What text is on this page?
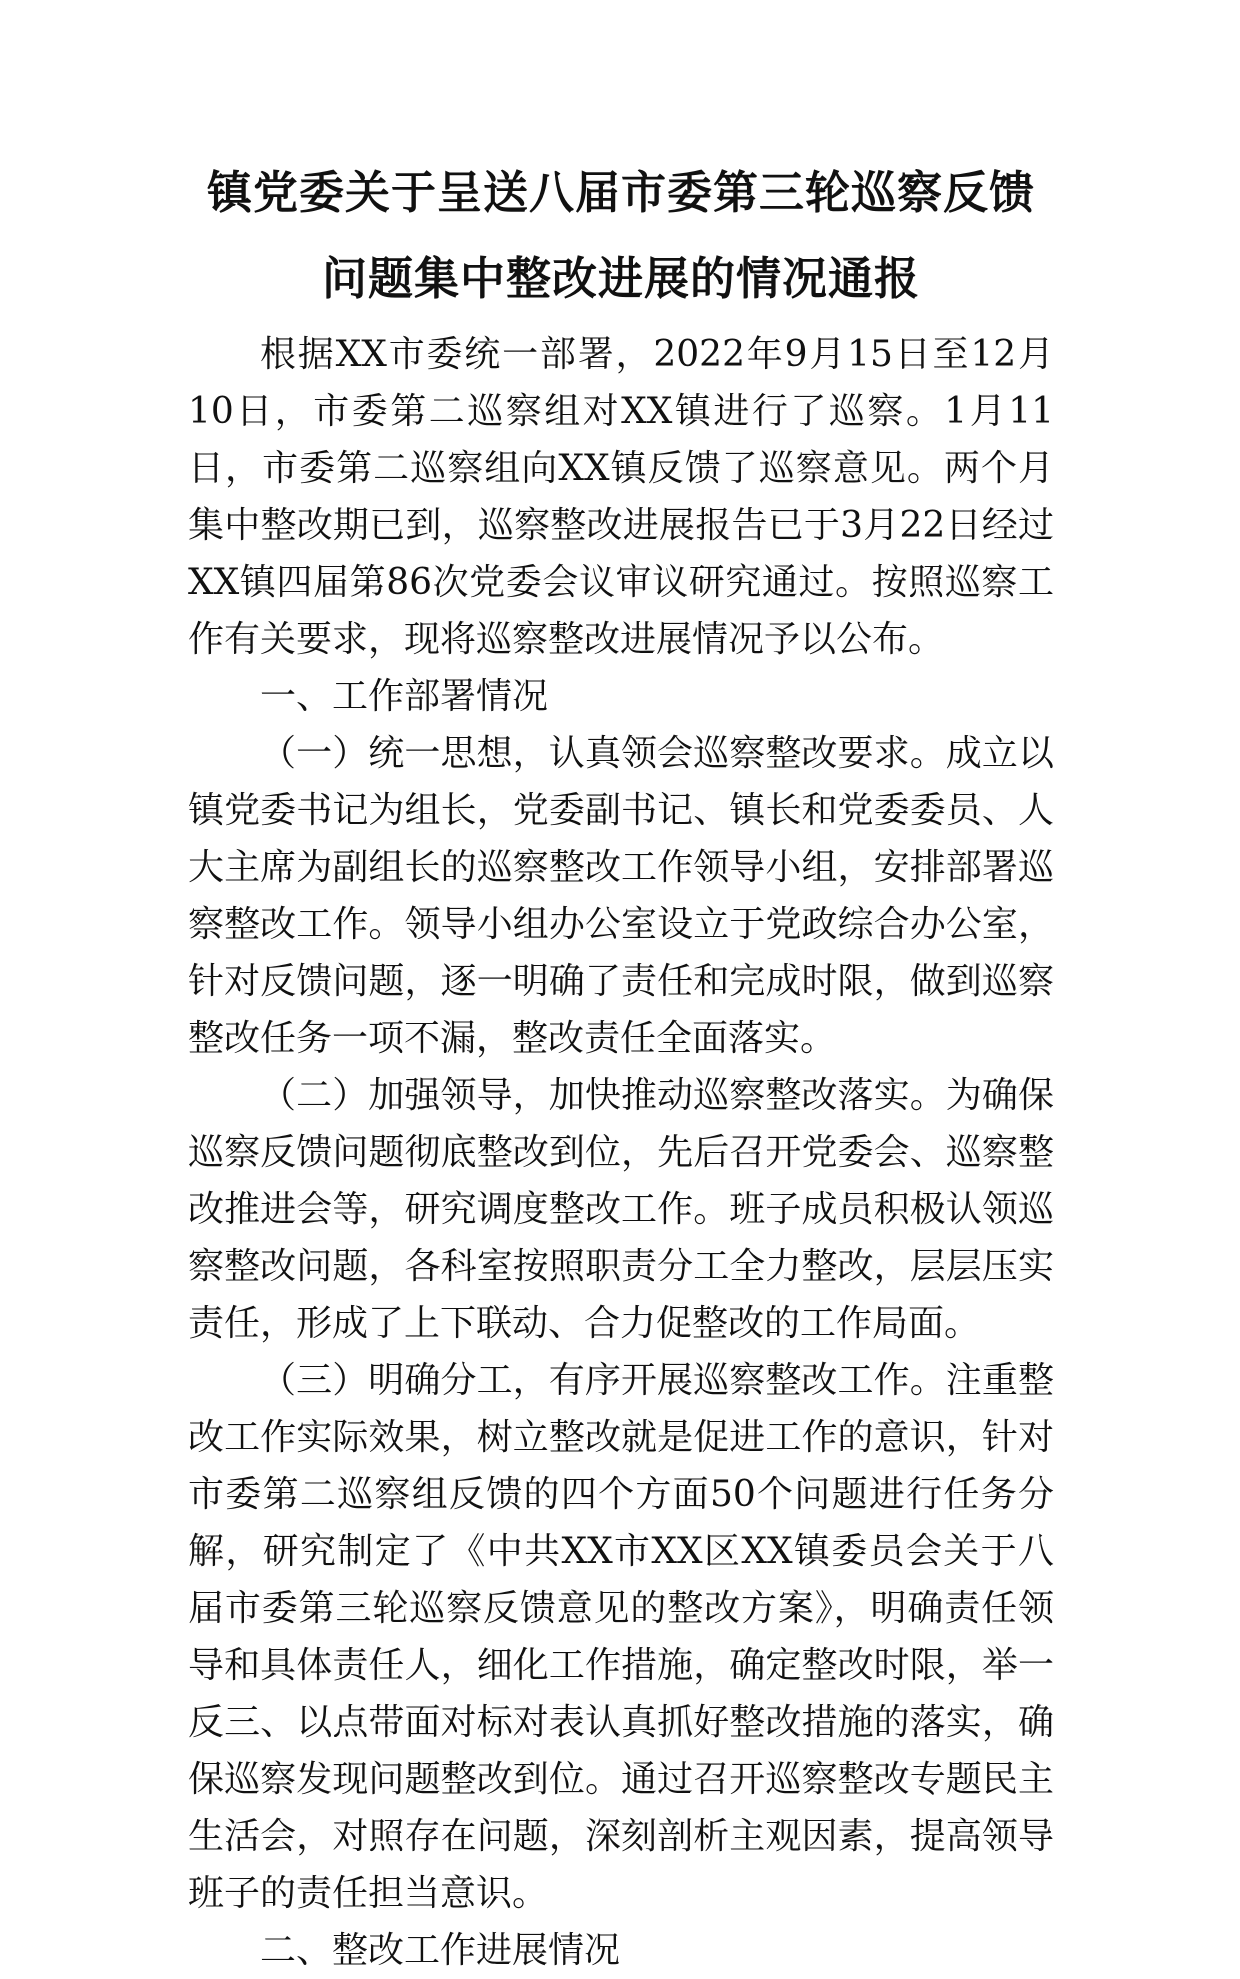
镇党委关于呈送八届市委第三轮巡察反馈
问题集中整改进展的情况通报

根据XX市委统一部署，2022年9月15日至12月10日，市委第二巡察组对XX镇进行了巡察。1月11日，市委第二巡察组向XX镇反馈了巡察意见。两个月集中整改期已到，巡察整改进展报告已于3月22日经过XX镇四届第86次党委会议审议研究通过。按照巡察工作有关要求，现将巡察整改进展情况予以公布。

一、工作部署情况

（一）统一思想，认真领会巡察整改要求。成立以镇党委书记为组长，党委副书记、镇长和党委委员、人大主席为副组长的巡察整改工作领导小组，安排部署巡察整改工作。领导小组办公室设立于党政综合办公室，针对反馈问题，逐一明确了责任和完成时限，做到巡察整改任务一项不漏，整改责任全面落实。

（二）加强领导，加快推动巡察整改落实。为确保巡察反馈问题彻底整改到位，先后召开党委会、巡察整改推进会等，研究调度整改工作。班子成员积极认领巡察整改问题，各科室按照职责分工全力整改，层层压实责任，形成了上下联动、合力促整改的工作局面。

（三）明确分工，有序开展巡察整改工作。注重整改工作实际效果，树立整改就是促进工作的意识，针对市委第二巡察组反馈的四个方面50个问题进行任务分解，研究制定了《中共XX市XX区XX镇委员会关于八届市委第三轮巡察反馈意见的整改方案》，明确责任领导和具体责任人，细化工作措施，确定整改时限，举一反三、以点带面对标对表认真抓好整改措施的落实，确保巡察发现问题整改到位。通过召开巡察整改专题民主生活会，对照存在问题，深刻剖析主观因素，提高领导班子的责任担当意识。

二、整改工作进展情况
